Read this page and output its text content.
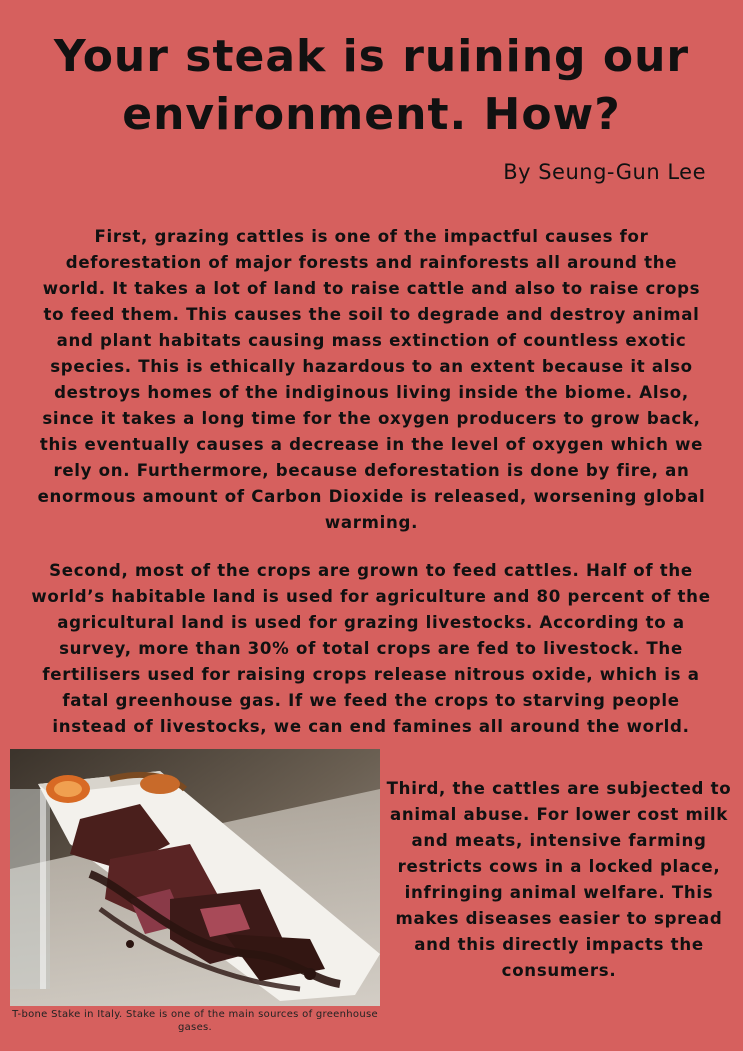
Your steak is ruining our environment. How?
By Seung-Gun Lee

First, grazing cattles is one of the impactful causes for deforestation of major forests and rainforests all around the world. It takes a lot of land to raise cattle and also to raise crops to feed them. This causes the soil to degrade and destroy animal and plant habitats causing mass extinction of countless exotic species. This is ethically hazardous to an extent because it also destroys homes of the indiginous living inside the biome. Also, since it takes a long time for the oxygen producers to grow back, this eventually causes a decrease in the level of oxygen which we rely on. Furthermore, because deforestation is done by fire, an enormous amount of Carbon Dioxide is released, worsening global warming.

Second, most of the crops are grown to feed cattles. Half of the world’s habitable land is used for agriculture and 80 percent of the agricultural land is used for grazing livestocks. According to a survey, more than 30% of total crops are fed to livestock. The fertilisers used for raising crops release nitrous oxide, which is a fatal greenhouse gas. If we feed the crops to starving people instead of livestocks, we can end famines all around the world.

T-bone Stake in Italy. Stake is one of the main sources of greenhouse gases.

Third, the cattles are subjected to animal abuse. For lower cost milk and meats, intensive farming restricts cows in a locked place, infringing animal welfare. This makes diseases easier to spread and this directly impacts the consumers.
